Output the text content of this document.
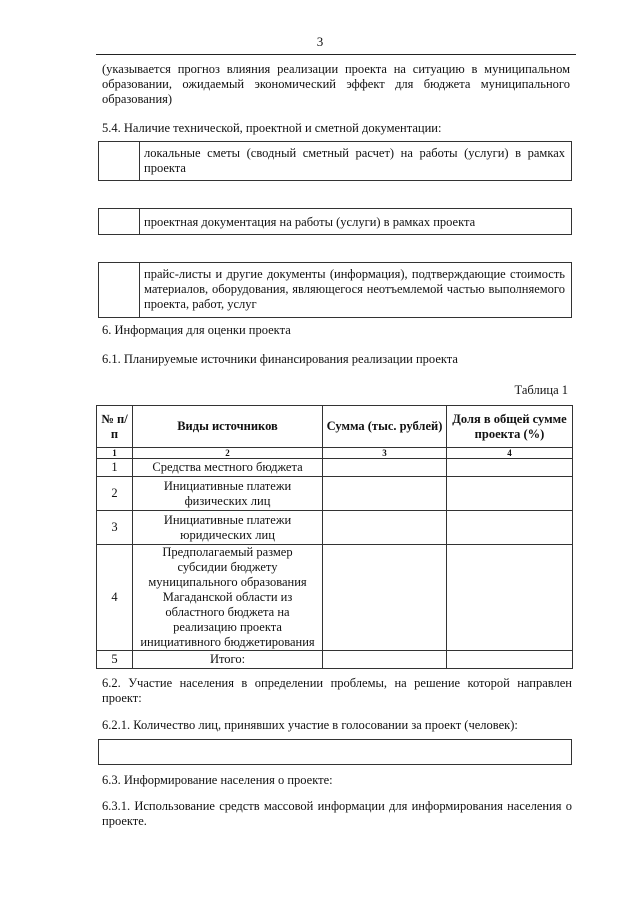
3
(указывается прогноз влияния реализации проекта на ситуацию в муниципальном образовании, ожидаемый экономический эффект для бюджета муниципального образования)
5.4. Наличие технической, проектной и сметной документации:
локальные сметы (сводный сметный расчет) на работы (услуги) в рамках проекта
проектная документация на работы (услуги) в рамках проекта
прайс-листы и другие документы (информация), подтверждающие стоимость материалов, оборудования, являющегося неотъемлемой частью выполняемого проекта, работ, услуг
6. Информация для оценки проекта
6.1. Планируемые источники финансирования реализации проекта
Таблица 1
№ п/п	Виды источников	Сумма (тыс. рублей)	Доля в общей сумме проекта (%)
1	2	3	4
1	Средства местного бюджета		
2	Инициативные платежи физических лиц		
3	Инициативные платежи юридических лиц		
4	Предполагаемый размер субсидии бюджету муниципального образования Магаданской области из областного бюджета на реализацию проекта инициативного бюджетирования		
5	Итого:		
6.2. Участие населения в определении проблемы, на решение которой направлен проект:
6.2.1. Количество лиц, принявших участие в голосовании за проект (человек):
6.3. Информирование населения о проекте:
6.3.1. Использование средств массовой информации для информирования населения о проекте.
